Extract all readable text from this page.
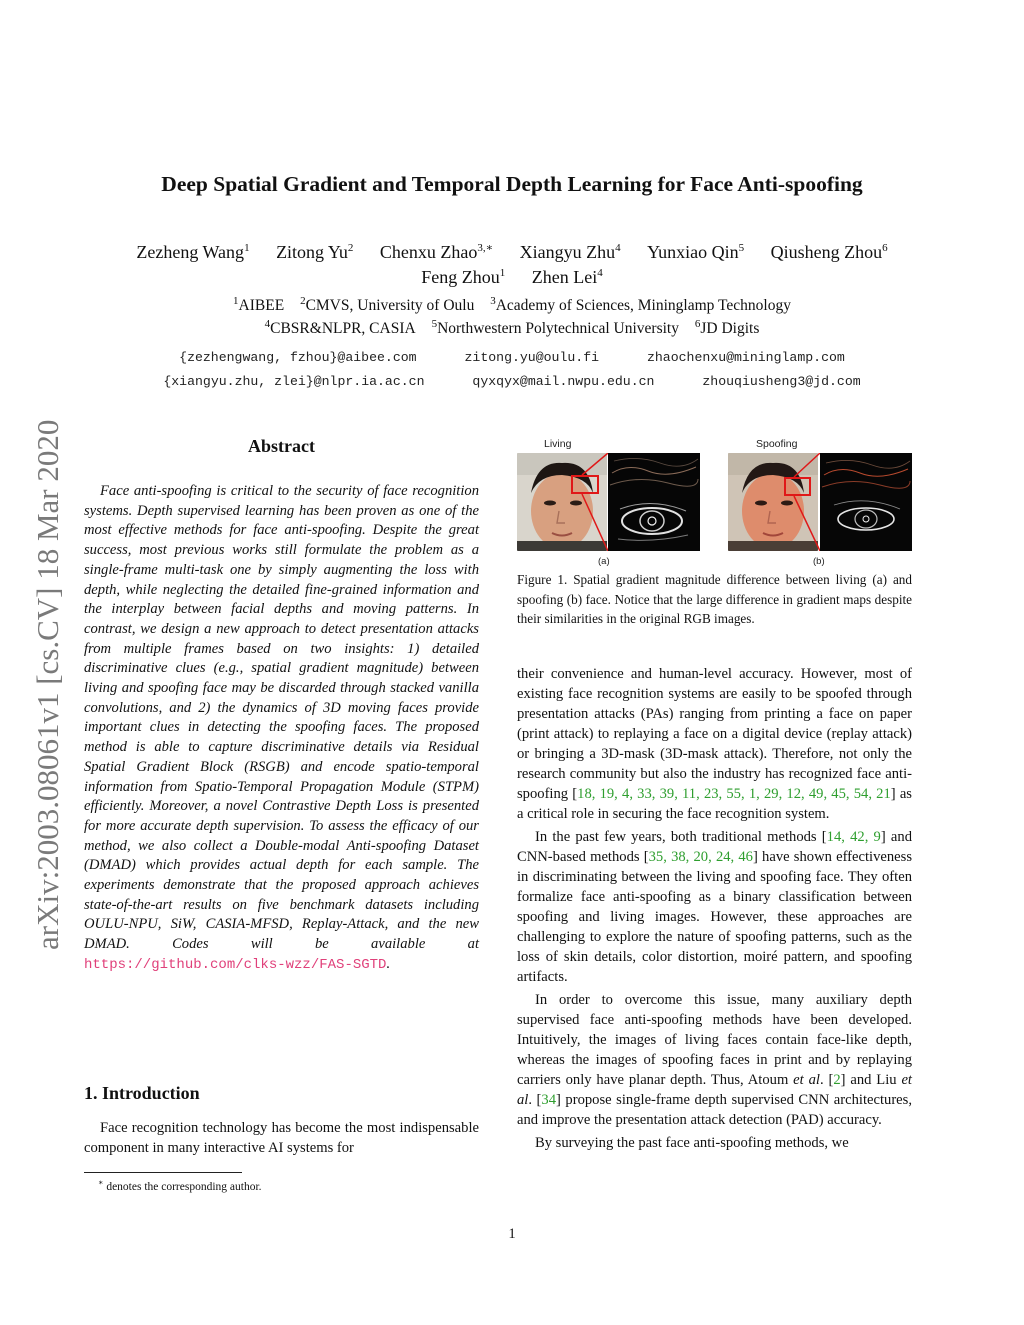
arXiv:2003.08061v1 [cs.CV] 18 Mar 2020
Deep Spatial Gradient and Temporal Depth Learning for Face Anti-spoofing
Zezheng Wang$^1$ Zitong Yu$^2$ Chenxu Zhao$^{3,∗}$ Xiangyu Zhu$^4$ Yunxiao Qin$^5$ Qiusheng Zhou$^6$
Feng Zhou$^1$ Zhen Lei$^4$
$^1$AIBEE $^2$CMVS, University of Oulu $^3$Academy of Sciences, Mininglamp Technology
$^4$CBSR&NLPR, CASIA $^5$Northwestern Polytechnical University $^6$JD Digits
{zezhengwang, fzhou}@aibee.com	zitong.yu@oulu.fi	zhaochenxu@mininglamp.com
{xiangyu.zhu, zlei}@nlpr.ia.ac.cn	qyxqyx@mail.nwpu.edu.cn	zhouqiusheng3@jd.com
Abstract
Face anti-spoofing is critical to the security of face recognition systems. Depth supervised learning has been proven as one of the most effective methods for face anti-spoofing. Despite the great success, most previous works still formulate the problem as a single-frame multi-task one by simply augmenting the loss with depth, while neglecting the detailed fine-grained information and the interplay between facial depths and moving patterns. In contrast, we design a new approach to detect presentation attacks from multiple frames based on two insights: 1) detailed discriminative clues (e.g., spatial gradient magnitude) between living and spoofing face may be discarded through stacked vanilla convolutions, and 2) the dynamics of 3D moving faces provide important clues in detecting the spoofing faces. The proposed method is able to capture discriminative details via Residual Spatial Gradient Block (RSGB) and encode spatio-temporal information from Spatio-Temporal Propagation Module (STPM) efficiently. Moreover, a novel Contrastive Depth Loss is presented for more accurate depth supervision. To assess the efficacy of our method, we also collect a Double-modal Anti-spoofing Dataset (DMAD) which provides actual depth for each sample. The experiments demonstrate that the proposed approach achieves state-of-the-art results on five benchmark datasets including OULU-NPU, SiW, CASIA-MFSD, Replay-Attack, and the new DMAD. Codes will be available at https://github.com/clks-wzz/FAS-SGTD.
1. Introduction
Face recognition technology has become the most indispensable component in many interactive AI systems for
∗ denotes the corresponding author.
Living	Spoofing
(a)	(b)
Figure 1. Spatial gradient magnitude difference between living (a) and spoofing (b) face. Notice that the large difference in gradient maps despite their similarities in the original RGB images.

their convenience and human-level accuracy. However, most of existing face recognition systems are easily to be spoofed through presentation attacks (PAs) ranging from printing a face on paper (print attack) to replaying a face on a digital device (replay attack) or bringing a 3D-mask (3D-mask attack). Therefore, not only the research community but also the industry has recognized face anti-spoofing [18, 19, 4, 33, 39, 11, 23, 55, 1, 29, 12, 49, 45, 54, 21] as a critical role in securing the face recognition system.

In the past few years, both traditional methods [14, 42, 9] and CNN-based methods [35, 38, 20, 24, 46] have shown effectiveness in discriminating between the living and spoofing face. They often formalize face anti-spoofing as a binary classification between spoofing and living images. However, these approaches are challenging to explore the nature of spoofing patterns, such as the loss of skin details, color distortion, moiré pattern, and spoofing artifacts.

In order to overcome this issue, many auxiliary depth supervised face anti-spoofing methods have been developed. Intuitively, the images of living faces contain face-like depth, whereas the images of spoofing faces in print and by replaying carriers only have planar depth. Thus, Atoum et al. [2] and Liu et al. [34] propose single-frame depth supervised CNN architectures, and improve the presentation attack detection (PAD) accuracy.

By surveying the past face anti-spoofing methods, we

1
